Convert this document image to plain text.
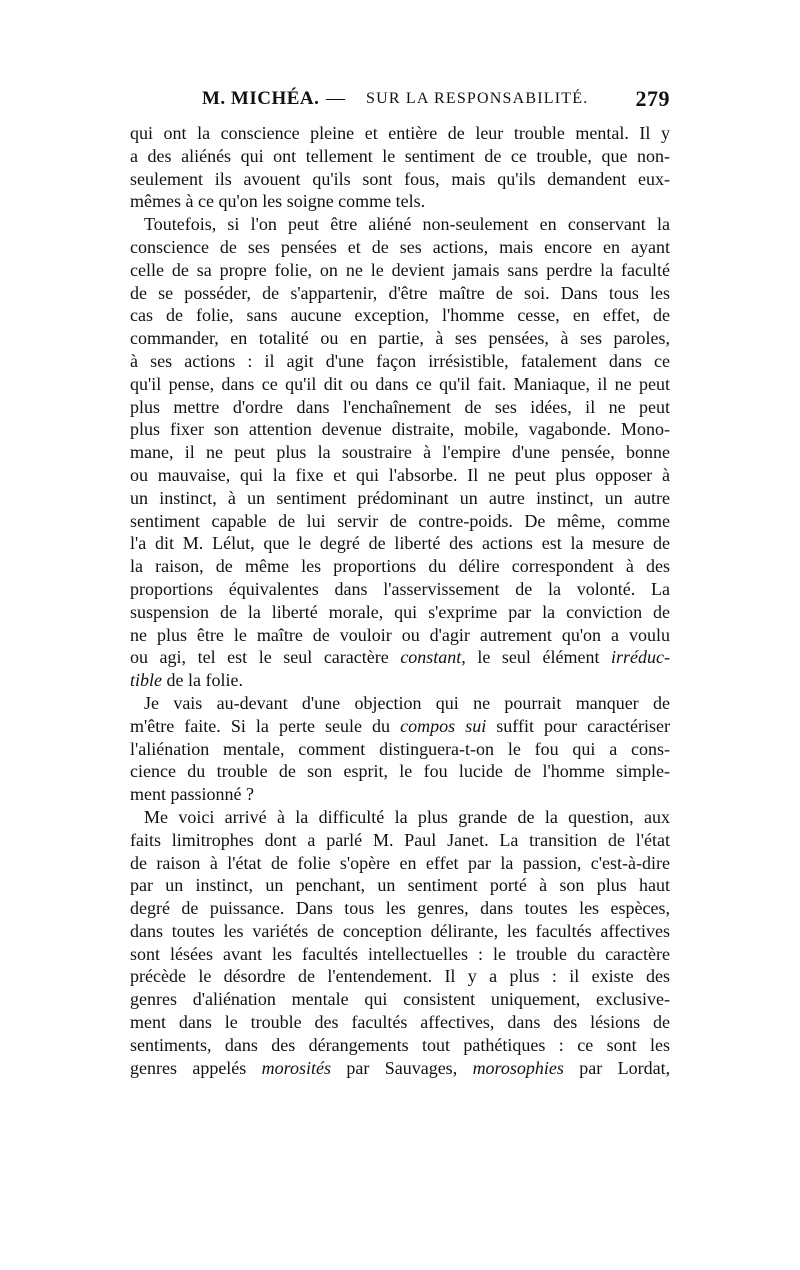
M. MICHÉA. — SUR LA RESPONSABILITÉ. 279
qui ont la conscience pleine et entière de leur trouble mental. Il y
a des aliénés qui ont tellement le sentiment de ce trouble, que non-
seulement ils avouent qu'ils sont fous, mais qu'ils demandent eux-
mêmes à ce qu'on les soigne comme tels.
Toutefois, si l'on peut être aliéné non-seulement en conservant la
conscience de ses pensées et de ses actions, mais encore en ayant
celle de sa propre folie, on ne le devient jamais sans perdre la faculté
de se posséder, de s'appartenir, d'être maître de soi. Dans tous les
cas de folie, sans aucune exception, l'homme cesse, en effet, de
commander, en totalité ou en partie, à ses pensées, à ses paroles,
à ses actions : il agit d'une façon irrésistible, fatalement dans ce
qu'il pense, dans ce qu'il dit ou dans ce qu'il fait. Maniaque, il ne peut
plus mettre d'ordre dans l'enchaînement de ses idées, il ne peut
plus fixer son attention devenue distraite, mobile, vagabonde. Mono-
mane, il ne peut plus la soustraire à l'empire d'une pensée, bonne
ou mauvaise, qui la fixe et qui l'absorbe. Il ne peut plus opposer à
un instinct, à un sentiment prédominant un autre instinct, un autre
sentiment capable de lui servir de contre-poids. De même, comme
l'a dit M. Lélut, que le degré de liberté des actions est la mesure de
la raison, de même les proportions du délire correspondent à des
proportions équivalentes dans l'asservissement de la volonté. La
suspension de la liberté morale, qui s'exprime par la conviction de
ne plus être le maître de vouloir ou d'agir autrement qu'on a voulu
ou agi, tel est le seul caractère constant, le seul élément irréduc-
tible de la folie.
Je vais au-devant d'une objection qui ne pourrait manquer de
m'être faite. Si la perte seule du compos sui suffit pour caractériser
l'aliénation mentale, comment distinguera-t-on le fou qui a cons-
cience du trouble de son esprit, le fou lucide de l'homme simple-
ment passionné ?
Me voici arrivé à la difficulté la plus grande de la question, aux
faits limitrophes dont a parlé M. Paul Janet. La transition de l'état
de raison à l'état de folie s'opère en effet par la passion, c'est-à-dire
par un instinct, un penchant, un sentiment porté à son plus haut
degré de puissance. Dans tous les genres, dans toutes les espèces,
dans toutes les variétés de conception délirante, les facultés affectives
sont lésées avant les facultés intellectuelles : le trouble du caractère
précède le désordre de l'entendement. Il y a plus : il existe des
genres d'aliénation mentale qui consistent uniquement, exclusive-
ment dans le trouble des facultés affectives, dans des lésions de
sentiments, dans des dérangements tout pathétiques : ce sont les
genres appelés morosités par Sauvages, morosophies par Lordat,
